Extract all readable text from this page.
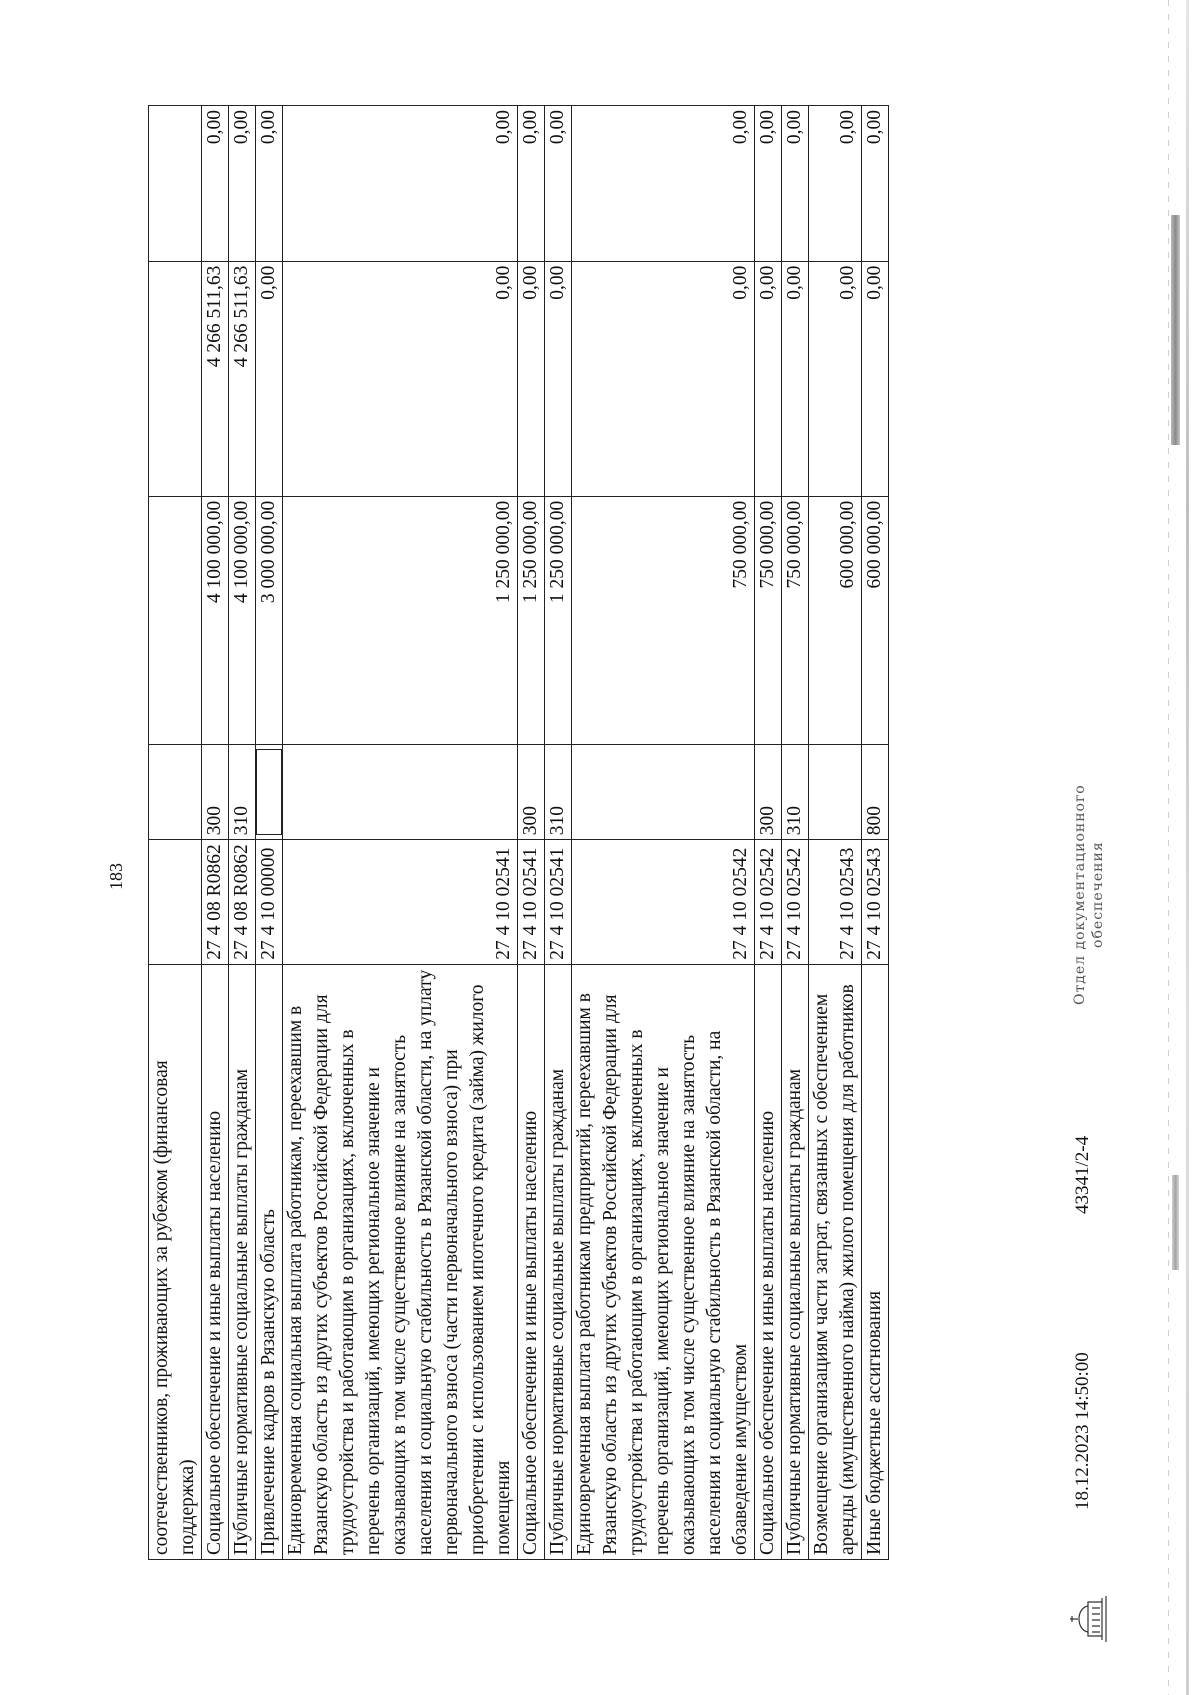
183
соотечественников, проживающих за рубежом (финансовая поддержка)					
Социальное обеспечение и иные выплаты населению	27 4 08 R0862	300	4 100 000,00	4 266 511,63	0,00
Публичные нормативные социальные выплаты гражданам	27 4 08 R0862	310	4 100 000,00	4 266 511,63	0,00
Привлечение кадров в Рязанскую область	27 4 10 00000		3 000 000,00	0,00	0,00
Единовременная социальная выплата работникам, переехавшим в Рязанскую область из других субъектов Российской Федерации для трудоустройства и работающим в организациях, включенных в перечень организаций, имеющих региональное значение и оказывающих в том числе существенное влияние на занятость населения и социальную стабильность в Рязанской области, на уплату первоначального взноса (части первоначального взноса) при приобретении с использованием ипотечного кредита (займа) жилого помещения	27 4 10 02541		1 250 000,00	0,00	0,00
Социальное обеспечение и иные выплаты населению	27 4 10 02541	300	1 250 000,00	0,00	0,00
Публичные нормативные социальные выплаты гражданам	27 4 10 02541	310	1 250 000,00	0,00	0,00
Единовременная выплата работникам предприятий, переехавшим в Рязанскую область из других субъектов Российской Федерации для трудоустройства и работающим в организациях, включенных в перечень организаций, имеющих региональное значение и оказывающих в том числе существенное влияние на занятость населения и социальную стабильность в Рязанской области, на обзаведение имуществом	27 4 10 02542		750 000,00	0,00	0,00
Социальное обеспечение и иные выплаты населению	27 4 10 02542	300	750 000,00	0,00	0,00
Публичные нормативные социальные выплаты гражданам	27 4 10 02542	310	750 000,00	0,00	0,00
Возмещение организациям части затрат, связанных с обеспечением аренды (имущественного найма) жилого помещения для работников	27 4 10 02543		600 000,00	0,00	0,00
Иные бюджетные ассигнования	27 4 10 02543	800	600 000,00	0,00	0,00
Отдел документационного обеспечения
18.12.2023 14:50:00
43341/2-4
